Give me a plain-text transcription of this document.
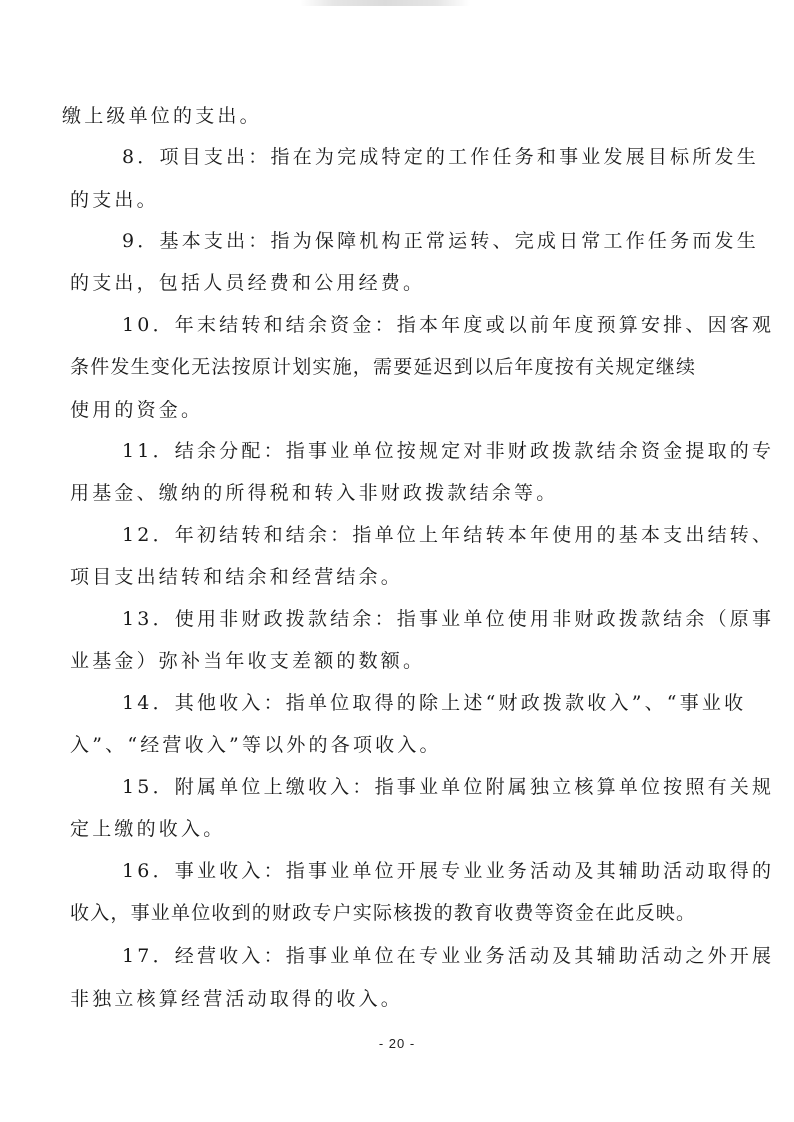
缴上级单位的支出。
8．项目支出：指在为完成特定的工作任务和事业发展目标所发生
的支出。
9．基本支出：指为保障机构正常运转、完成日常工作任务而发生
的支出，包括人员经费和公用经费。
10．年末结转和结余资金：指本年度或以前年度预算安排、因客观
条件发生变化无法按原计划实施，需要延迟到以后年度按有关规定继续
使用的资金。
11．结余分配：指事业单位按规定对非财政拨款结余资金提取的专
用基金、缴纳的所得税和转入非财政拨款结余等。
12．年初结转和结余：指单位上年结转本年使用的基本支出结转、
项目支出结转和结余和经营结余。
13．使用非财政拨款结余：指事业单位使用非财政拨款结余（原事
业基金）弥补当年收支差额的数额。
14．其他收入：指单位取得的除上述“财政拨款收入”、“事业收
入”、“经营收入”等以外的各项收入。
15．附属单位上缴收入：指事业单位附属独立核算单位按照有关规
定上缴的收入。
16．事业收入：指事业单位开展专业业务活动及其辅助活动取得的
收入，事业单位收到的财政专户实际核拨的教育收费等资金在此反映。
17．经营收入：指事业单位在专业业务活动及其辅助活动之外开展
非独立核算经营活动取得的收入。
- 20 -
